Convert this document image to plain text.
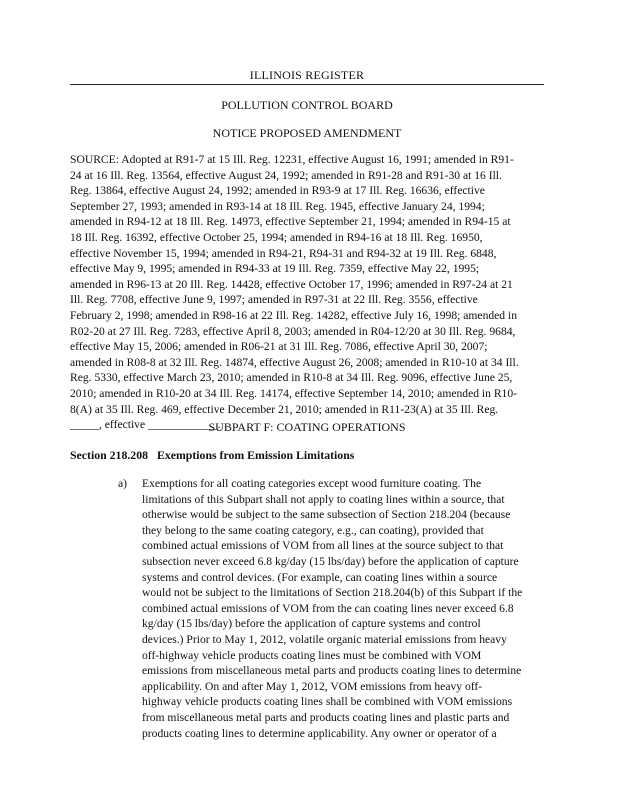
ILLINOIS REGISTER
POLLUTION CONTROL BOARD
NOTICE PROPOSED AMENDMENT
SOURCE: Adopted at R91-7 at 15 Ill. Reg. 12231, effective August 16, 1991; amended in R91-
24 at 16 Ill. Reg. 13564, effective August 24, 1992; amended in R91-28 and R91-30 at 16 Ill.
Reg. 13864, effective August 24, 1992; amended in R93-9 at 17 Ill. Reg. 16636, effective
September 27, 1993; amended in R93-14 at 18 Ill. Reg. 1945, effective January 24, 1994;
amended in R94-12 at 18 Ill. Reg. 14973, effective September 21, 1994; amended in R94-15 at
18 Ill. Reg. 16392, effective October 25, 1994; amended in R94-16 at 18 Ill. Reg. 16950,
effective November 15, 1994; amended in R94-21, R94-31 and R94-32 at 19 Ill. Reg. 6848,
effective May 9, 1995; amended in R94-33 at 19 Ill. Reg. 7359, effective May 22, 1995;
amended in R96-13 at 20 Ill. Reg. 14428, effective October 17, 1996; amended in R97-24 at 21
Ill. Reg. 7708, effective June 9, 1997; amended in R97-31 at 22 Ill. Reg. 3556, effective
February 2, 1998; amended in R98-16 at 22 Ill. Reg. 14282, effective July 16, 1998; amended in
R02-20 at 27 Ill. Reg. 7283, effective April 8, 2003; amended in R04-12/20 at 30 Ill. Reg. 9684,
effective May 15, 2006; amended in R06-21 at 31 Ill. Reg. 7086, effective April 30, 2007;
amended in R08-8 at 32 Ill. Reg. 14874, effective August 26, 2008; amended in R10-10 at 34 Ill.
Reg. 5330, effective March 23, 2010; amended in R10-8 at 34 Ill. Reg. 9096, effective June 25,
2010; amended in R10-20 at 34 Ill. Reg. 14174, effective September 14, 2010; amended in R10-
8(A) at 35 Ill. Reg. 469, effective December 21, 2010; amended in R11-23(A) at 35 Ill. Reg.
_____, effective ____________.
SUBPART F: COATING OPERATIONS
Section 218.208 Exemptions from Emission Limitations
a) Exemptions for all coating categories except wood furniture coating. The
limitations of this Subpart shall not apply to coating lines within a source, that
otherwise would be subject to the same subsection of Section 218.204 (because
they belong to the same coating category, e.g., can coating), provided that
combined actual emissions of VOM from all lines at the source subject to that
subsection never exceed 6.8 kg/day (15 lbs/day) before the application of capture
systems and control devices. (For example, can coating lines within a source
would not be subject to the limitations of Section 218.204(b) of this Subpart if the
combined actual emissions of VOM from the can coating lines never exceed 6.8
kg/day (15 lbs/day) before the application of capture systems and control
devices.) Prior to May 1, 2012, volatile organic material emissions from heavy
off-highway vehicle products coating lines must be combined with VOM
emissions from miscellaneous metal parts and products coating lines to determine
applicability. On and after May 1, 2012, VOM emissions from heavy off-
highway vehicle products coating lines shall be combined with VOM emissions
from miscellaneous metal parts and products coating lines and plastic parts and
products coating lines to determine applicability. Any owner or operator of a
